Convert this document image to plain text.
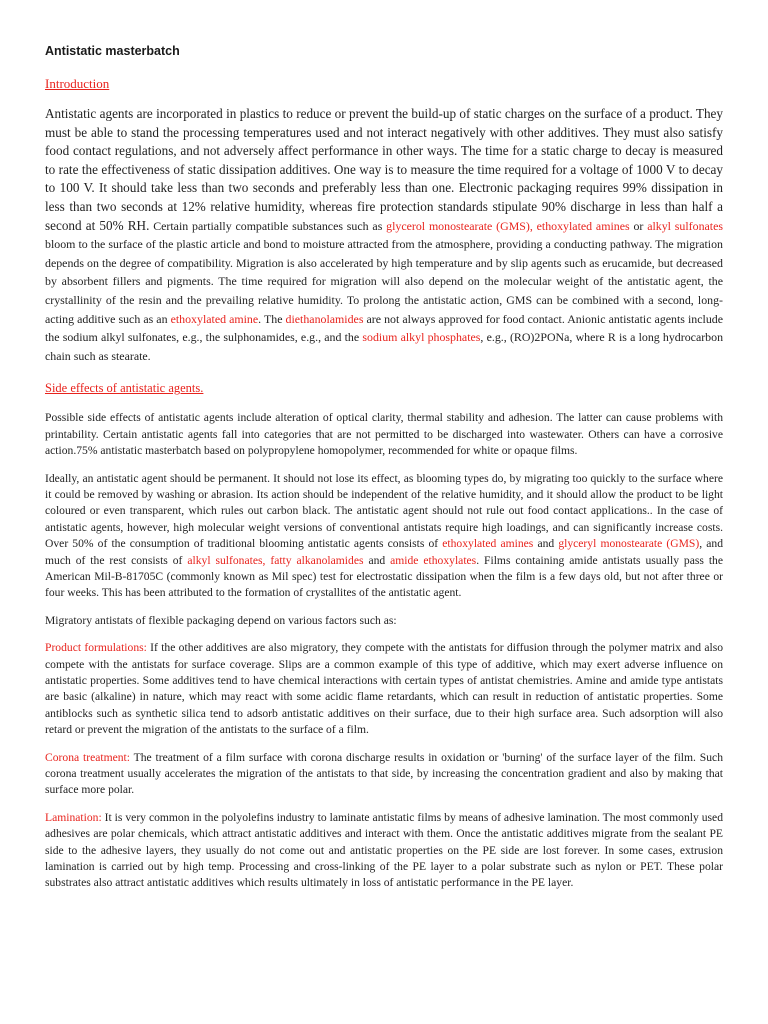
Antistatic masterbatch
Introduction

Antistatic agents are incorporated in plastics to reduce or prevent the build-up of static charges on the surface of a product. They must be able to stand the processing temperatures used and not interact negatively with other additives. They must also satisfy food contact regulations, and not adversely affect performance in other ways. The time for a static charge to decay is measured to rate the effectiveness of static dissipation additives. One way is to measure the time required for a voltage of 1000 V to decay to 100 V. It should take less than two seconds and preferably less than one. Electronic packaging requires 99% dissipation in less than two seconds at 12% relative humidity, whereas fire protection standards stipulate 90% discharge in less than half a second at 50% RH. Certain partially compatible substances such as glycerol monostearate (GMS), ethoxylated amines or alkyl sulfonates bloom to the surface of the plastic article and bond to moisture attracted from the atmosphere, providing a conducting pathway. The migration depends on the degree of compatibility. Migration is also accelerated by high temperature and by slip agents such as erucamide, but decreased by absorbent fillers and pigments. The time required for migration will also depend on the molecular weight of the antistatic agent, the crystallinity of the resin and the prevailing relative humidity. To prolong the antistatic action, GMS can be combined with a second, long-acting additive such as an ethoxylated amine. The diethanolamides are not always approved for food contact. Anionic antistatic agents include the sodium alkyl sulfonates, e.g., the sulphonamides, e.g., and the sodium alkyl phosphates, e.g., (RO)2PONa, where R is a long hydrocarbon chain such as stearate.

Side effects of antistatic agents.

Possible side effects of antistatic agents include alteration of optical clarity, thermal stability and adhesion. The latter can cause problems with printability. Certain antistatic agents fall into categories that are not permitted to be discharged into wastewater. Others can have a corrosive action.75% antistatic masterbatch based on polypropylene homopolymer, recommended for white or opaque films.

Ideally, an antistatic agent should be permanent. It should not lose its effect, as blooming types do, by migrating too quickly to the surface where it could be removed by washing or abrasion. Its action should be independent of the relative humidity, and it should allow the product to be light coloured or even transparent, which rules out carbon black. The antistatic agent should not rule out food contact applications.. In the case of antistatic agents, however, high molecular weight versions of conventional antistats require high loadings, and can significantly increase costs. Over 50% of the consumption of traditional blooming antistatic agents consists of ethoxylated amines and glyceryl monostearate (GMS), and much of the rest consists of alkyl sulfonates, fatty alkanolamides and amide ethoxylates. Films containing amide antistats usually pass the American Mil-B-81705C (commonly known as Mil spec) test for electrostatic dissipation when the film is a few days old, but not after three or four weeks. This has been attributed to the formation of crystallites of the antistatic agent.

Migratory antistats of flexible packaging depend on various factors such as:

Product formulations: If the other additives are also migratory, they compete with the antistats for diffusion through the polymer matrix and also compete with the antistats for surface coverage. Slips are a common example of this type of additive, which may exert adverse influence on antistatic properties. Some additives tend to have chemical interactions with certain types of antistat chemistries. Amine and amide type antistats are basic (alkaline) in nature, which may react with some acidic flame retardants, which can result in reduction of antistatic properties. Some antiblocks such as synthetic silica tend to adsorb antistatic additives on their surface, due to their high surface area. Such adsorption will also retard or prevent the migration of the antistats to the surface of a film.

Corona treatment: The treatment of a film surface with corona discharge results in oxidation or 'burning' of the surface layer of the film. Such corona treatment usually accelerates the migration of the antistats to that side, by increasing the concentration gradient and also by making that surface more polar.

Lamination: It is very common in the polyolefins industry to laminate antistatic films by means of adhesive lamination. The most commonly used adhesives are polar chemicals, which attract antistatic additives and interact with them. Once the antistatic additives migrate from the sealant PE side to the adhesive layers, they usually do not come out and antistatic properties on the PE side are lost forever. In some cases, extrusion lamination is carried out by high temp. Processing and cross-linking of the PE layer to a polar substrate such as nylon or PET. These polar substrates also attract antistatic additives which results ultimately in loss of antistatic performance in the PE layer.
